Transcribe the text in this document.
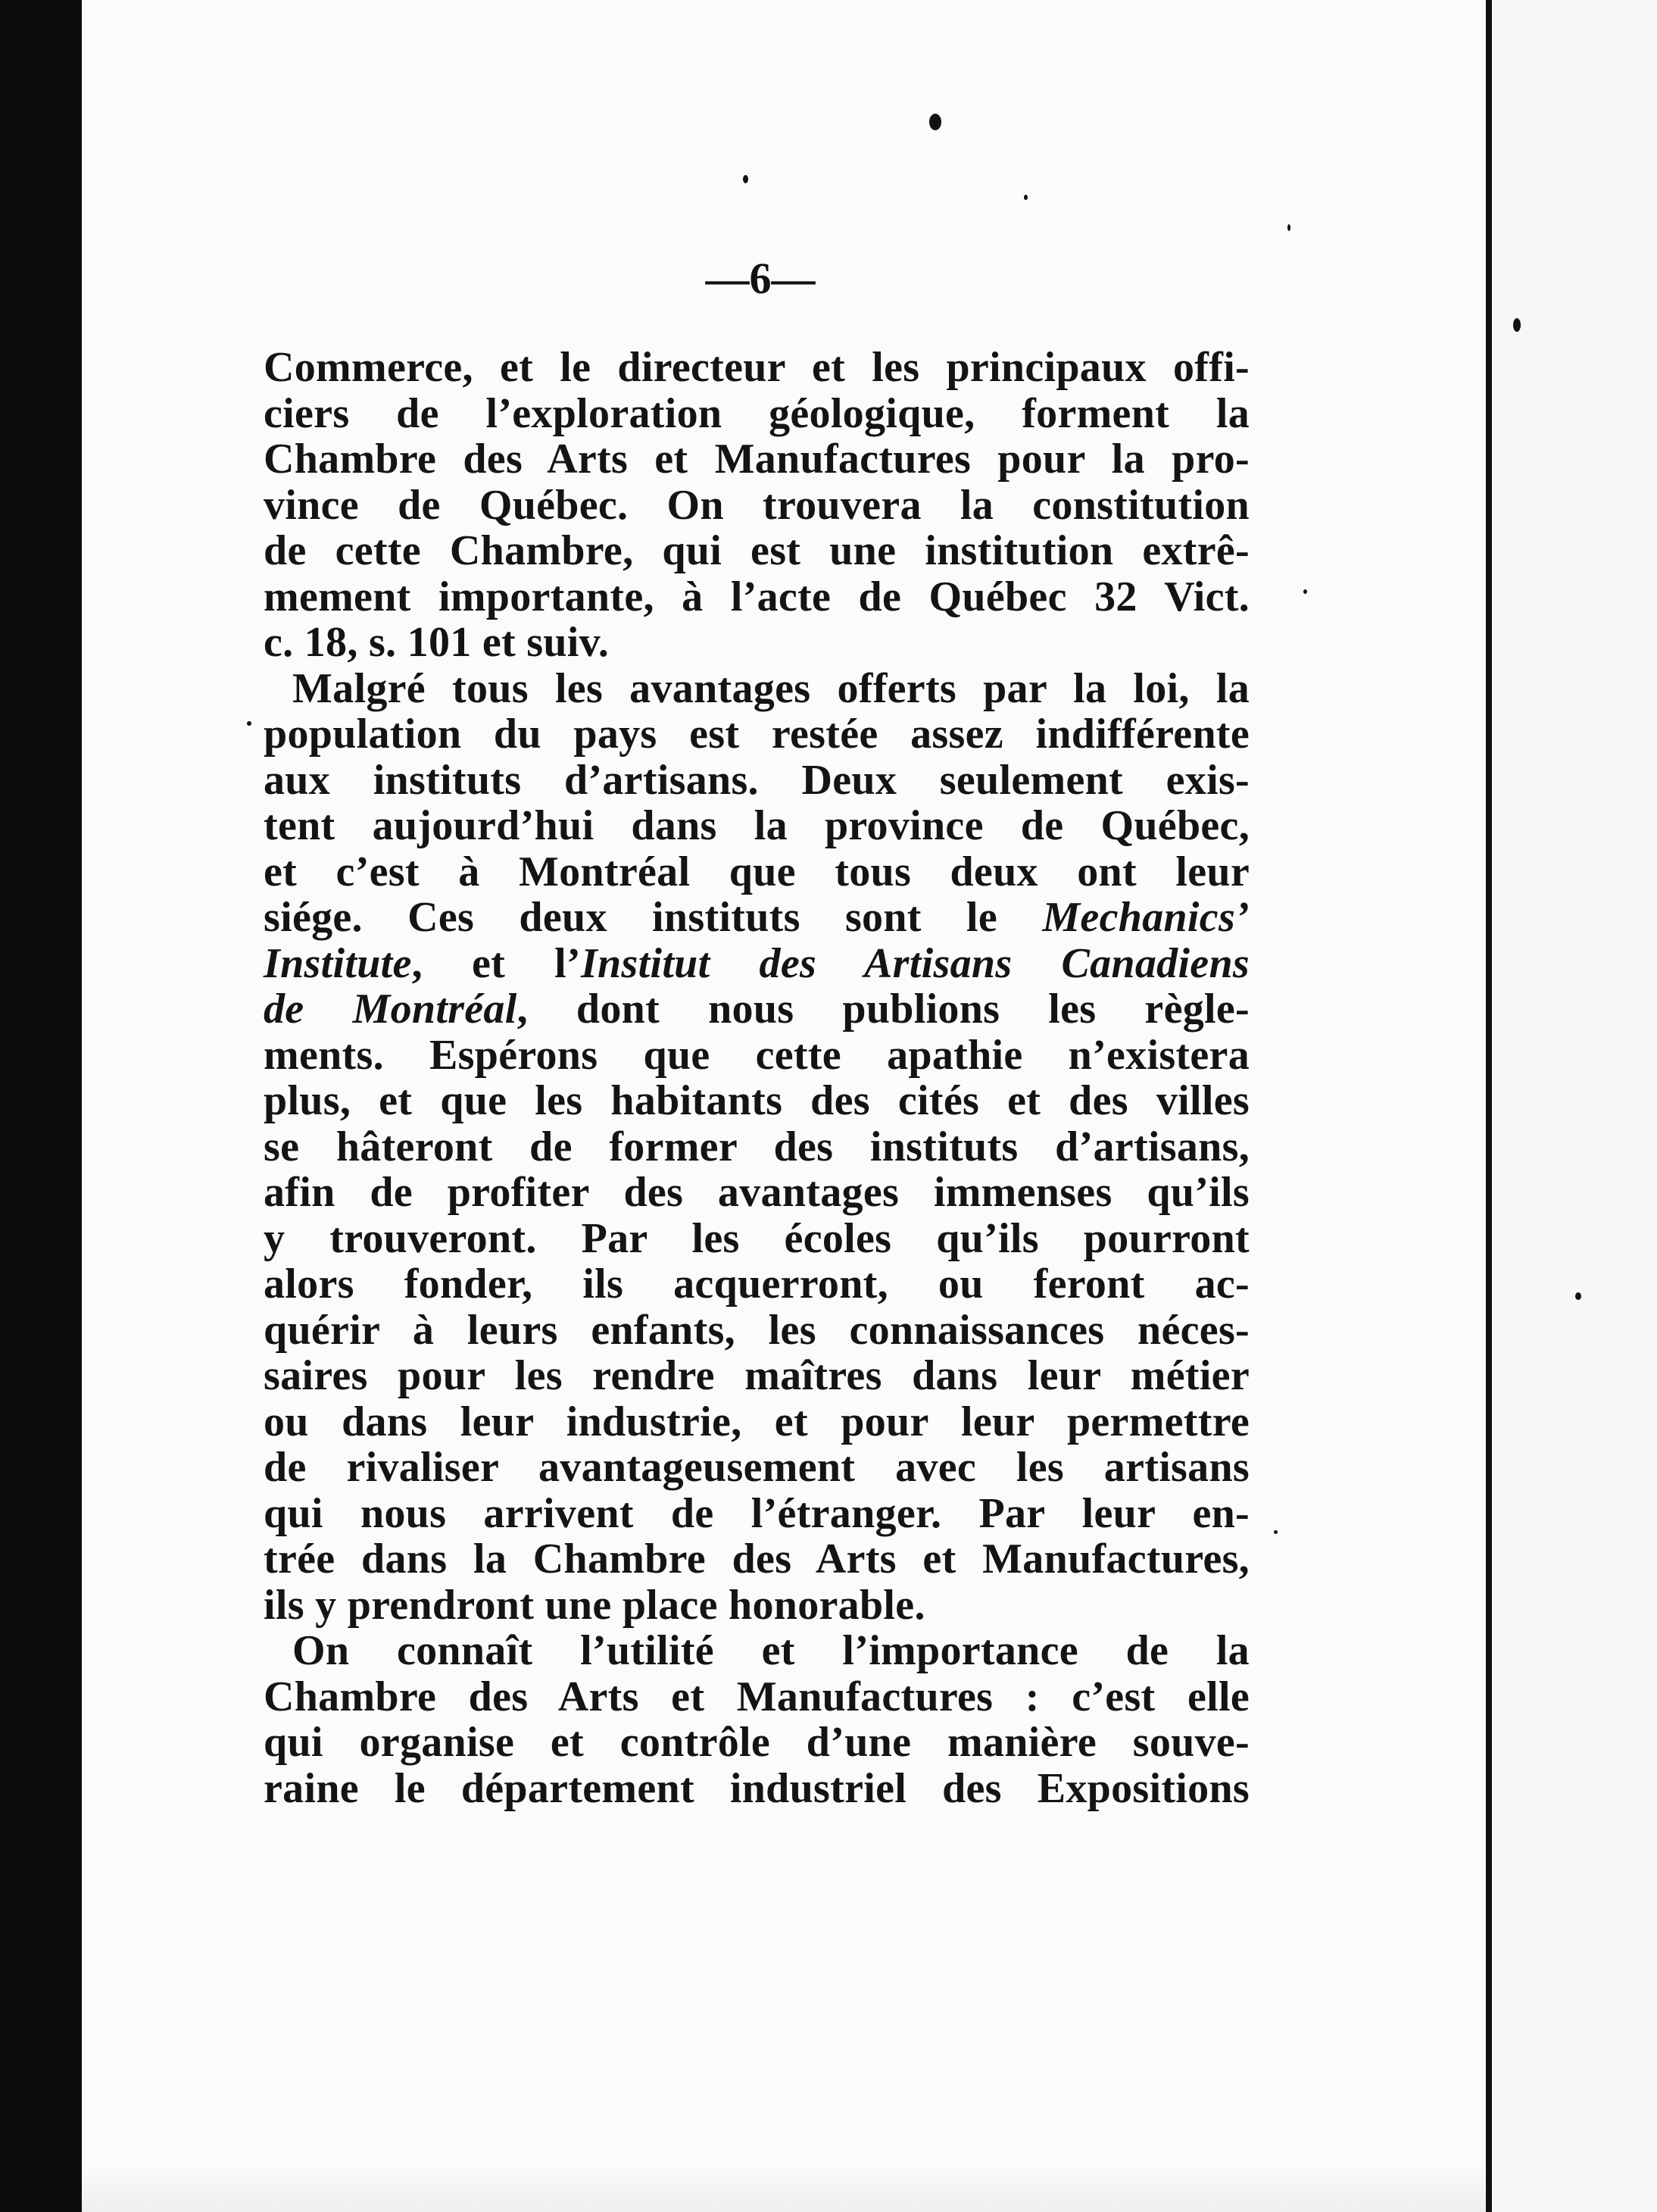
—6—
Commerce, et le directeur et les principaux offi-
ciers de l’exploration géologique, forment la
Chambre des Arts et Manufactures pour la pro-
vince de Québec. On trouvera la constitution
de cette Chambre, qui est une institution extrê-
mement importante, à l’acte de Québec 32 Vict.
c. 18, s. 101 et suiv.
Malgré tous les avantages offerts par la loi, la
population du pays est restée assez indifférente
aux instituts d’artisans. Deux seulement exis-
tent aujourd’hui dans la province de Québec,
et c’est à Montréal que tous deux ont leur
siége. Ces deux instituts sont le Mechanics’
Institute, et l’Institut des Artisans Canadiens
de Montréal, dont nous publions les règle-
ments. Espérons que cette apathie n’existera
plus, et que les habitants des cités et des villes
se hâteront de former des instituts d’artisans,
afin de profiter des avantages immenses qu’ils
y trouveront. Par les écoles qu’ils pourront
alors fonder, ils acquerront, ou feront ac-
quérir à leurs enfants, les connaissances néces-
saires pour les rendre maîtres dans leur métier
ou dans leur industrie, et pour leur permettre
de rivaliser avantageusement avec les artisans
qui nous arrivent de l’étranger. Par leur en-
trée dans la Chambre des Arts et Manufactures,
ils y prendront une place honorable.
On connaît l’utilité et l’importance de la
Chambre des Arts et Manufactures : c’est elle
qui organise et contrôle d’une manière souve-
raine le département industriel des Expositions
